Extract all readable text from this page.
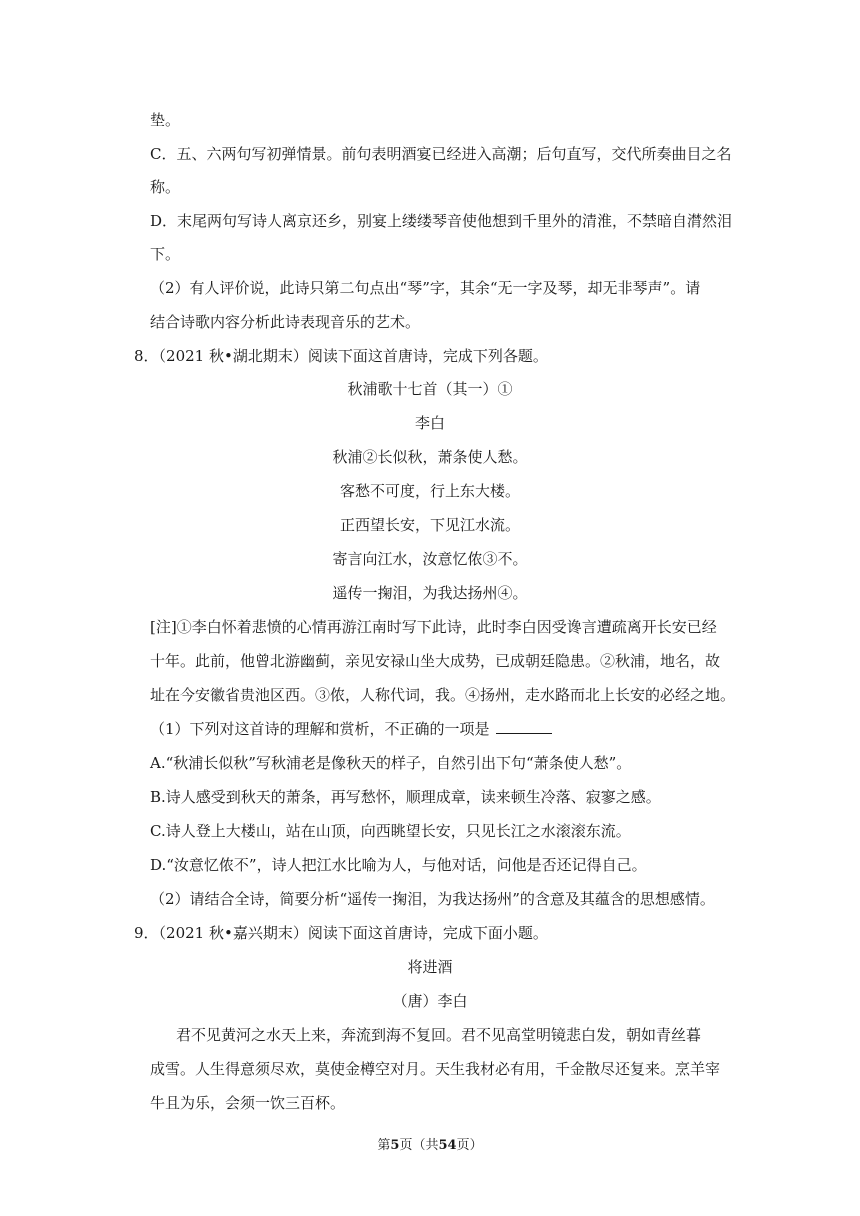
垫。
C．五、六两句写初弹情景。前句表明酒宴已经进入高潮；后句直写，交代所奏曲目之名
称。
D．末尾两句写诗人离京还乡，别宴上缕缕琴音使他想到千里外的清淮，不禁暗自潸然泪
下。
（2）有人评价说，此诗只第二句点出“琴”字，其余“无一字及琴，却无非琴声”。请
结合诗歌内容分析此诗表现音乐的艺术。
8．（2021 秋•湖北期末）阅读下面这首唐诗，完成下列各题。
秋浦歌十七首（其一）①
李白
秋浦②长似秋，萧条使人愁。
客愁不可度，行上东大楼。
正西望长安，下见江水流。
寄言向江水，汝意忆侬③不。
遥传一掬泪，为我达扬州④。
[注]①李白怀着悲愤的心情再游江南时写下此诗，此时李白因受谗言遭疏离开长安已经
十年。此前，他曾北游幽蓟，亲见安禄山坐大成势，已成朝廷隐患。②秋浦，地名，故
址在今安徽省贵池区西。③侬，人称代词，我。④扬州，走水路而北上长安的必经之地。
（1）下列对这首诗的理解和赏析，不正确的一项是
A.“秋浦长似秋”写秋浦老是像秋天的样子，自然引出下句“萧条使人愁”。
B.诗人感受到秋天的萧条，再写愁怀，顺理成章，读来顿生冷落、寂寥之感。
C.诗人登上大楼山，站在山顶，向西眺望长安，只见长江之水滚滚东流。
D.“汝意忆侬不”，诗人把江水比喻为人，与他对话，问他是否还记得自己。
（2）请结合全诗，简要分析“遥传一掬泪，为我达扬州”的含意及其蕴含的思想感情。
9．（2021 秋•嘉兴期末）阅读下面这首唐诗，完成下面小题。
将进酒
（唐）李白
君不见黄河之水天上来，奔流到海不复回。君不见高堂明镜悲白发，朝如青丝暮
成雪。人生得意须尽欢，莫使金樽空对月。天生我材必有用，千金散尽还复来。烹羊宰
牛且为乐，会须一饮三百杯。
第5页（共54页）
